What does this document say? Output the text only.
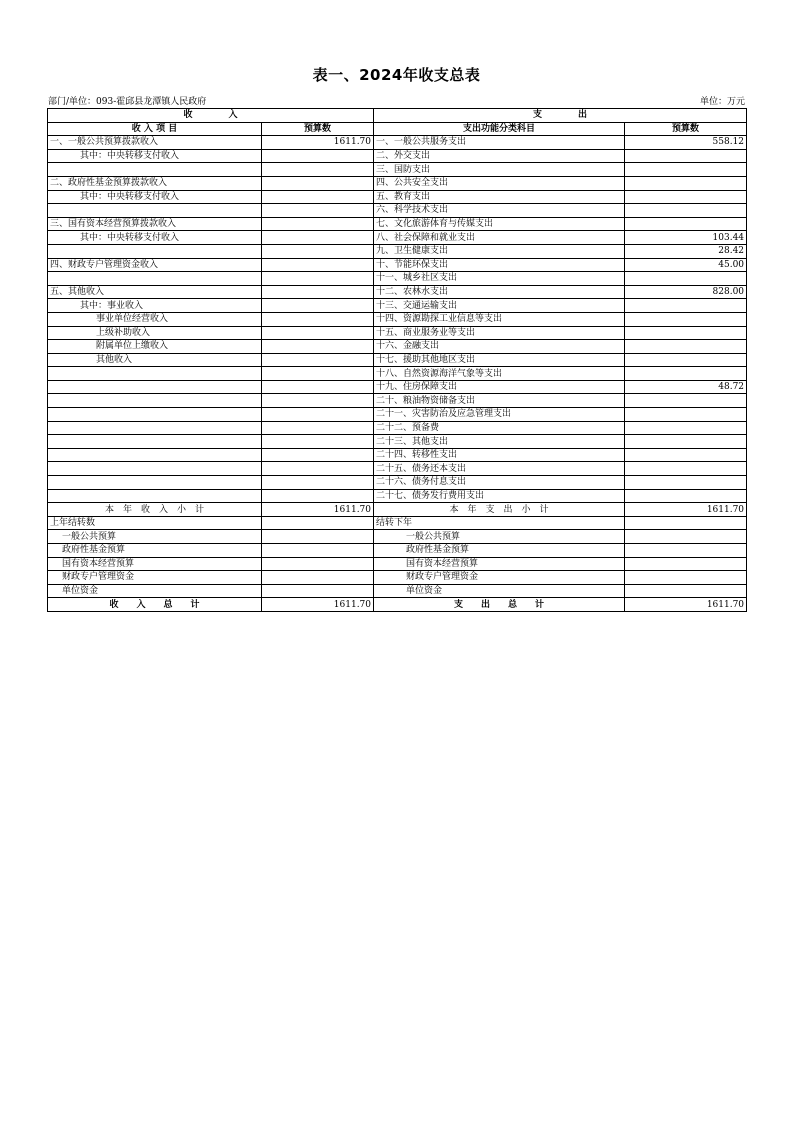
表一、2024年收支总表
部门/单位：093-霍邱县龙潭镇人民政府	单位：万元
收　　　　入		支　　　　出	
收 入 项 目	预算数	支出功能分类科目	预算数
一、一般公共预算拨款收入	1611.70	一、一般公共服务支出	558.12
其中：中央转移支付收入		二、外交支出	
		三、国防支出	
二、政府性基金预算拨款收入		四、公共安全支出	
其中：中央转移支付收入		五、教育支出	
		六、科学技术支出	
三、国有资本经营预算拨款收入		七、文化旅游体育与传媒支出	
其中：中央转移支付收入		八、社会保障和就业支出	103.44
		九、卫生健康支出	28.42
四、财政专户管理资金收入		十、节能环保支出	45.00
		十一、城乡社区支出	
五、其他收入		十二、农林水支出	828.00
其中：事业收入		十三、交通运输支出	
事业单位经营收入		十四、资源勘探工业信息等支出	
上级补助收入		十五、商业服务业等支出	
附属单位上缴收入		十六、金融支出	
其他收入		十七、援助其他地区支出	
		十八、自然资源海洋气象等支出	
		十九、住房保障支出	48.72
		二十、粮油物资储备支出	
		二十一、灾害防治及应急管理支出	
		二十二、预备费	
		二十三、其他支出	
		二十四、转移性支出	
		二十五、债务还本支出	
		二十六、债务付息支出	
		二十七、债务发行费用支出	
本　年　收　入　小　计	1611.70	本　年　支　出　小　计	1611.70
上年结转数		结转下年	
一般公共预算		一般公共预算	
政府性基金预算		政府性基金预算	
国有资本经营预算		国有资本经营预算	
财政专户管理资金		财政专户管理资金	
单位资金		单位资金	
收　　入　　总　　计	1611.70	支　　出　　总　　计	1611.70
